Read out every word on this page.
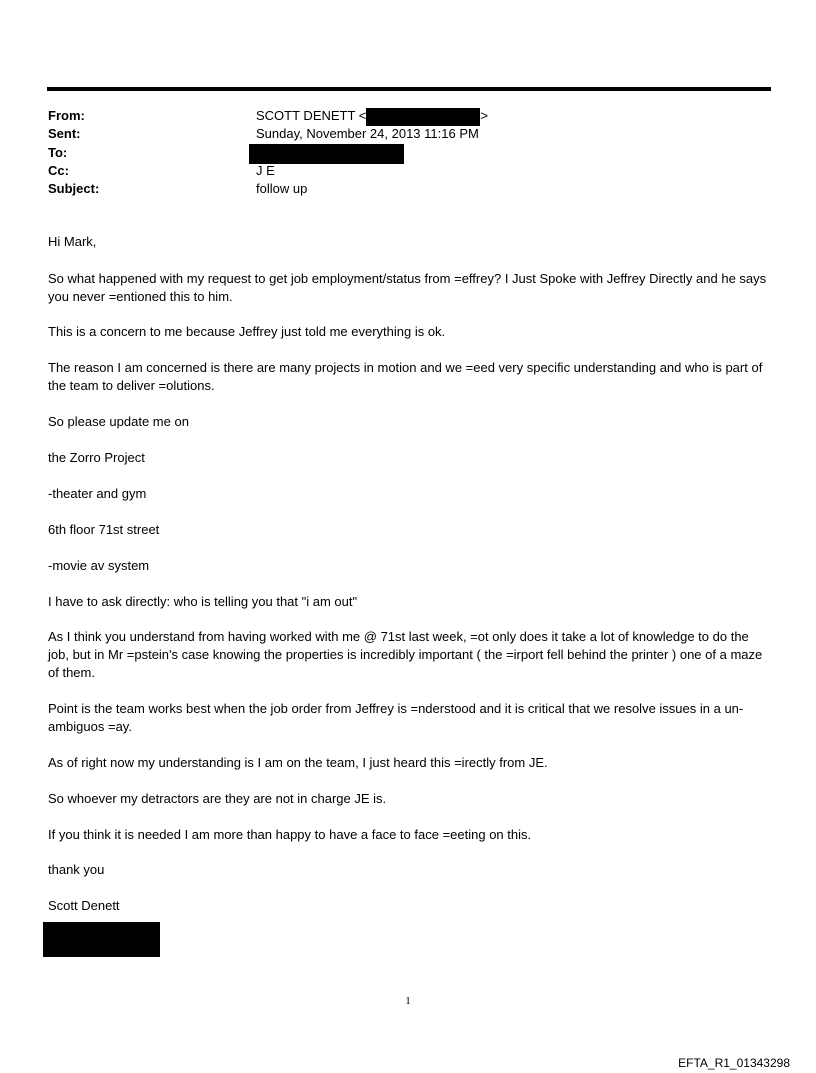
From:	SCOTT DENETT <	>
Sent:	Sunday, November 24, 2013 11:16 PM
To:
Cc:	J E
Subject:	follow up

Hi Mark,

So what happened with my request to get job employment/status from =effrey? I Just Spoke with Jeffrey Directly and he says you never =entioned this to him.

This is a concern to me because Jeffrey just told me everything is ok.

The reason I am concerned is there are many projects in motion and we =eed very specific understanding and who is part of the team to deliver =olutions.

So please update me on

the Zorro Project

-theater and gym

6th floor 71st street

-movie av system

I have to ask directly: who is telling you that "i am out"

As I think you understand from having worked with me @ 71st last week, =ot only does it take a lot of knowledge to do the job, but in Mr =pstein's case knowing the properties is incredibly important ( the =irport fell behind the printer ) one of a maze of them.

Point is the team works best when the job order from Jeffrey is =nderstood and it is critical that we resolve issues in a un-ambiguos =ay.

As of right now my understanding is I am on the team, I just heard this =irectly from JE.

So whoever my detractors are they are not in charge JE is.

If you think it is needed I am more than happy to have a face to face =eeting on this.

thank you

Scott Denett

1
EFTA_R1_01343298
